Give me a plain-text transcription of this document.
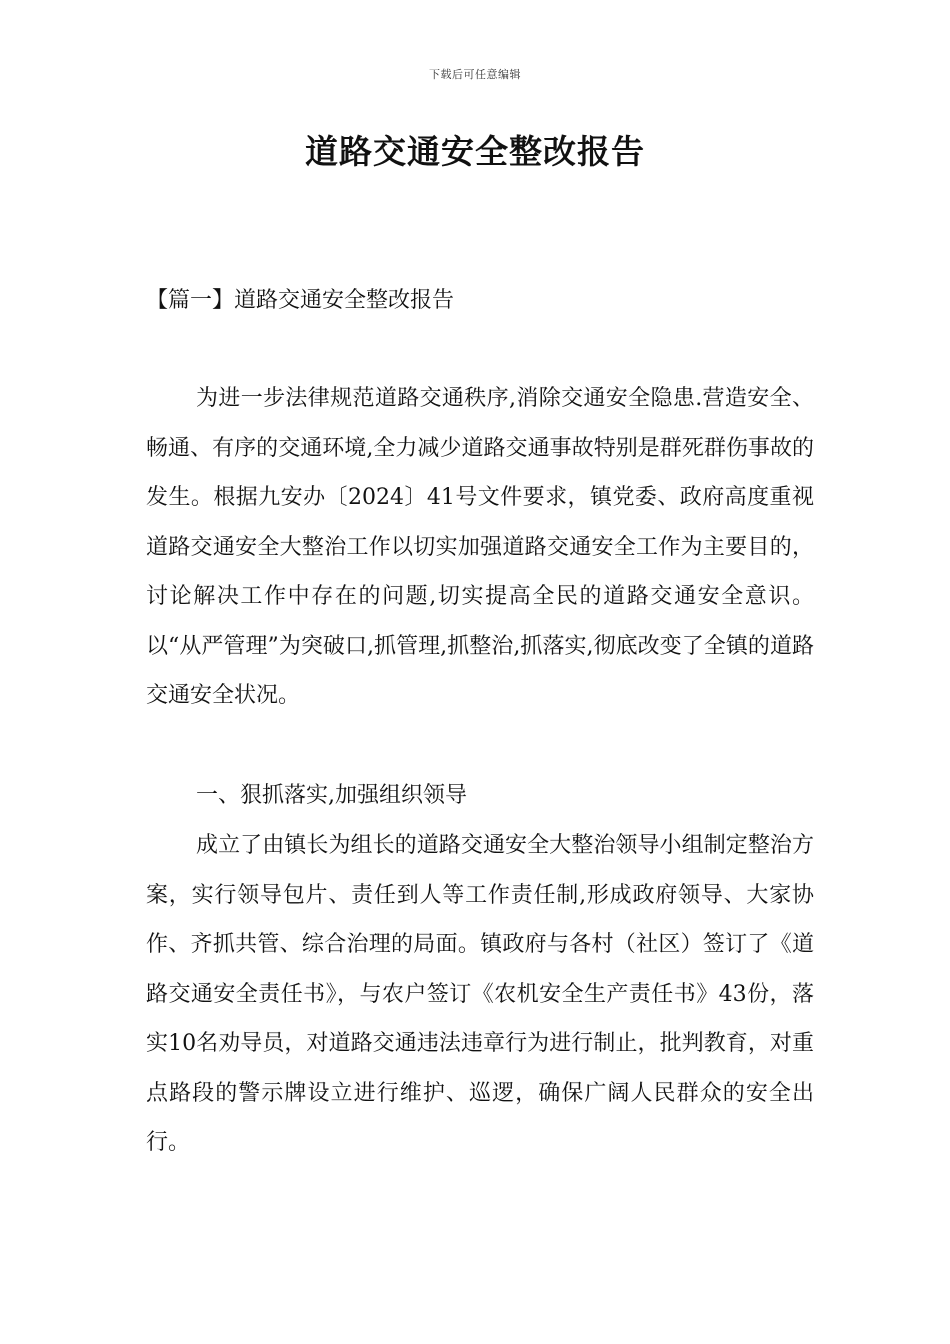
下载后可任意编辑
道路交通安全整改报告
【篇一】道路交通安全整改报告

为进一步法律规范道路交通秩序,消除交通安全隐患.营造安全、畅通、有序的交通环境,全力减少道路交通事故特别是群死群伤事故的发生。根据九安办〔2024〕41号文件要求，镇党委、政府高度重视道路交通安全大整治工作以切实加强道路交通安全工作为主要目的，讨论解决工作中存在的问题,切实提高全民的道路交通安全意识。以“从严管理”为突破口,抓管理,抓整治,抓落实,彻底改变了全镇的道路交通安全状况。

一、狠抓落实,加强组织领导

成立了由镇长为组长的道路交通安全大整治领导小组制定整治方案，实行领导包片、责任到人等工作责任制,形成政府领导、大家协作、齐抓共管、综合治理的局面。镇政府与各村（社区）签订了《道路交通安全责任书》，与农户签订《农机安全生产责任书》43份，落实10名劝导员，对道路交通违法违章行为进行制止，批判教育，对重点路段的警示牌设立进行维护、巡逻，确保广阔人民群众的安全出行。
